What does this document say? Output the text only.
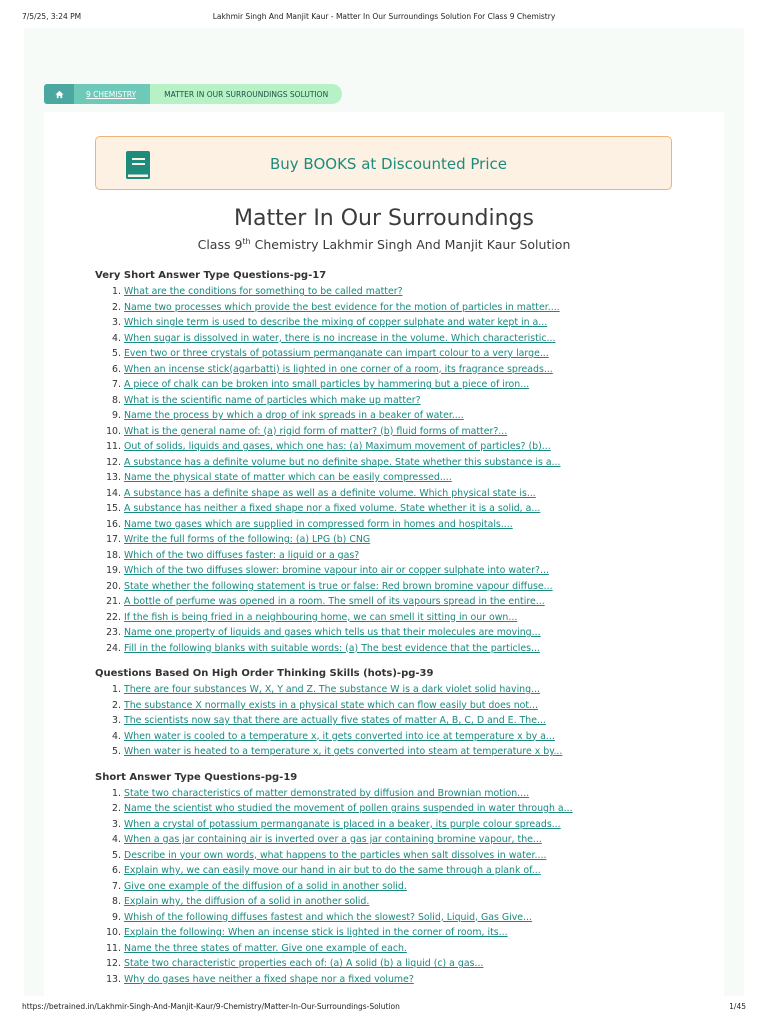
7/5/25, 3:24 PM	Lakhmir Singh And Manjit Kaur - Matter In Our Surroundings Solution For Class 9 Chemistry
9 CHEMISTRY	MATTER IN OUR SURROUNDINGS SOLUTION
Buy BOOKS at Discounted Price
Matter In Our Surroundings
Class 9th Chemistry Lakhmir Singh And Manjit Kaur Solution
Very Short Answer Type Questions-pg-17
1. What are the conditions for something to be called matter?
2. Name two processes which provide the best evidence for the motion of particles in matter....
3. Which single term is used to describe the mixing of copper sulphate and water kept in a...
4. When sugar is dissolved in water, there is no increase in the volume. Which characteristic...
5. Even two or three crystals of potassium permanganate can impart colour to a very large...
6. When an incense stick(agarbatti) is lighted in one corner of a room, its fragrance spreads...
7. A piece of chalk can be broken into small particles by hammering but a piece of iron...
8. What is the scientific name of particles which make up matter?
9. Name the process by which a drop of ink spreads in a beaker of water....
10. What is the general name of: (a) rigid form of matter? (b) fluid forms of matter?...
11. Out of solids, liquids and gases, which one has: (a) Maximum movement of particles? (b)...
12. A substance has a definite volume but no definite shape. State whether this substance is a...
13. Name the physical state of matter which can be easily compressed....
14. A substance has a definite shape as well as a definite volume. Which physical state is...
15. A substance has neither a fixed shape nor a fixed volume. State whether it is a solid, a...
16. Name two gases which are supplied in compressed form in homes and hospitals....
17. Write the full forms of the following: (a) LPG (b) CNG
18. Which of the two diffuses faster: a liquid or a gas?
19. Which of the two diffuses slower: bromine vapour into air or copper sulphate into water?...
20. State whether the following statement is true or false: Red brown bromine vapour diffuse...
21. A bottle of perfume was opened in a room. The smell of its vapours spread in the entire...
22. If the fish is being fried in a neighbouring home, we can smell it sitting in our own...
23. Name one property of liquids and gases which tells us that their molecules are moving...
24. Fill in the following blanks with suitable words: (a) The best evidence that the particles...
Questions Based On High Order Thinking Skills (hots)-pg-39
1. There are four substances W, X, Y and Z. The substance W is a dark violet solid having...
2. The substance X normally exists in a physical state which can flow easily but does not...
3. The scientists now say that there are actually five states of matter A, B, C, D and E. The...
4. When water is cooled to a temperature x, it gets converted into ice at temperature x by a...
5. When water is heated to a temperature x, it gets converted into steam at temperature x by...
Short Answer Type Questions-pg-19
1. State two characteristics of matter demonstrated by diffusion and Brownian motion....
2. Name the scientist who studied the movement of pollen grains suspended in water through a...
3. When a crystal of potassium permanganate is placed in a beaker, its purple colour spreads...
4. When a gas jar containing air is inverted over a gas jar containing bromine vapour, the...
5. Describe in your own words, what happens to the particles when salt dissolves in water....
6. Explain why, we can easily move our hand in air but to do the same through a plank of...
7. Give one example of the diffusion of a solid in another solid.
8. Explain why, the diffusion of a solid in another solid.
9. Whish of the following diffuses fastest and which the slowest? Solid, Liquid, Gas Give...
10. Explain the following: When an incense stick is lighted in the corner of room, its...
11. Name the three states of matter. Give one example of each.
12. State two characteristic properties each of: (a) A solid (b) a liquid (c) a gas...
13. Why do gases have neither a fixed shape nor a fixed volume?
https://betrained.in/Lakhmir-Singh-And-Manjit-Kaur/9-Chemistry/Matter-In-Our-Surroundings-Solution	1/45
